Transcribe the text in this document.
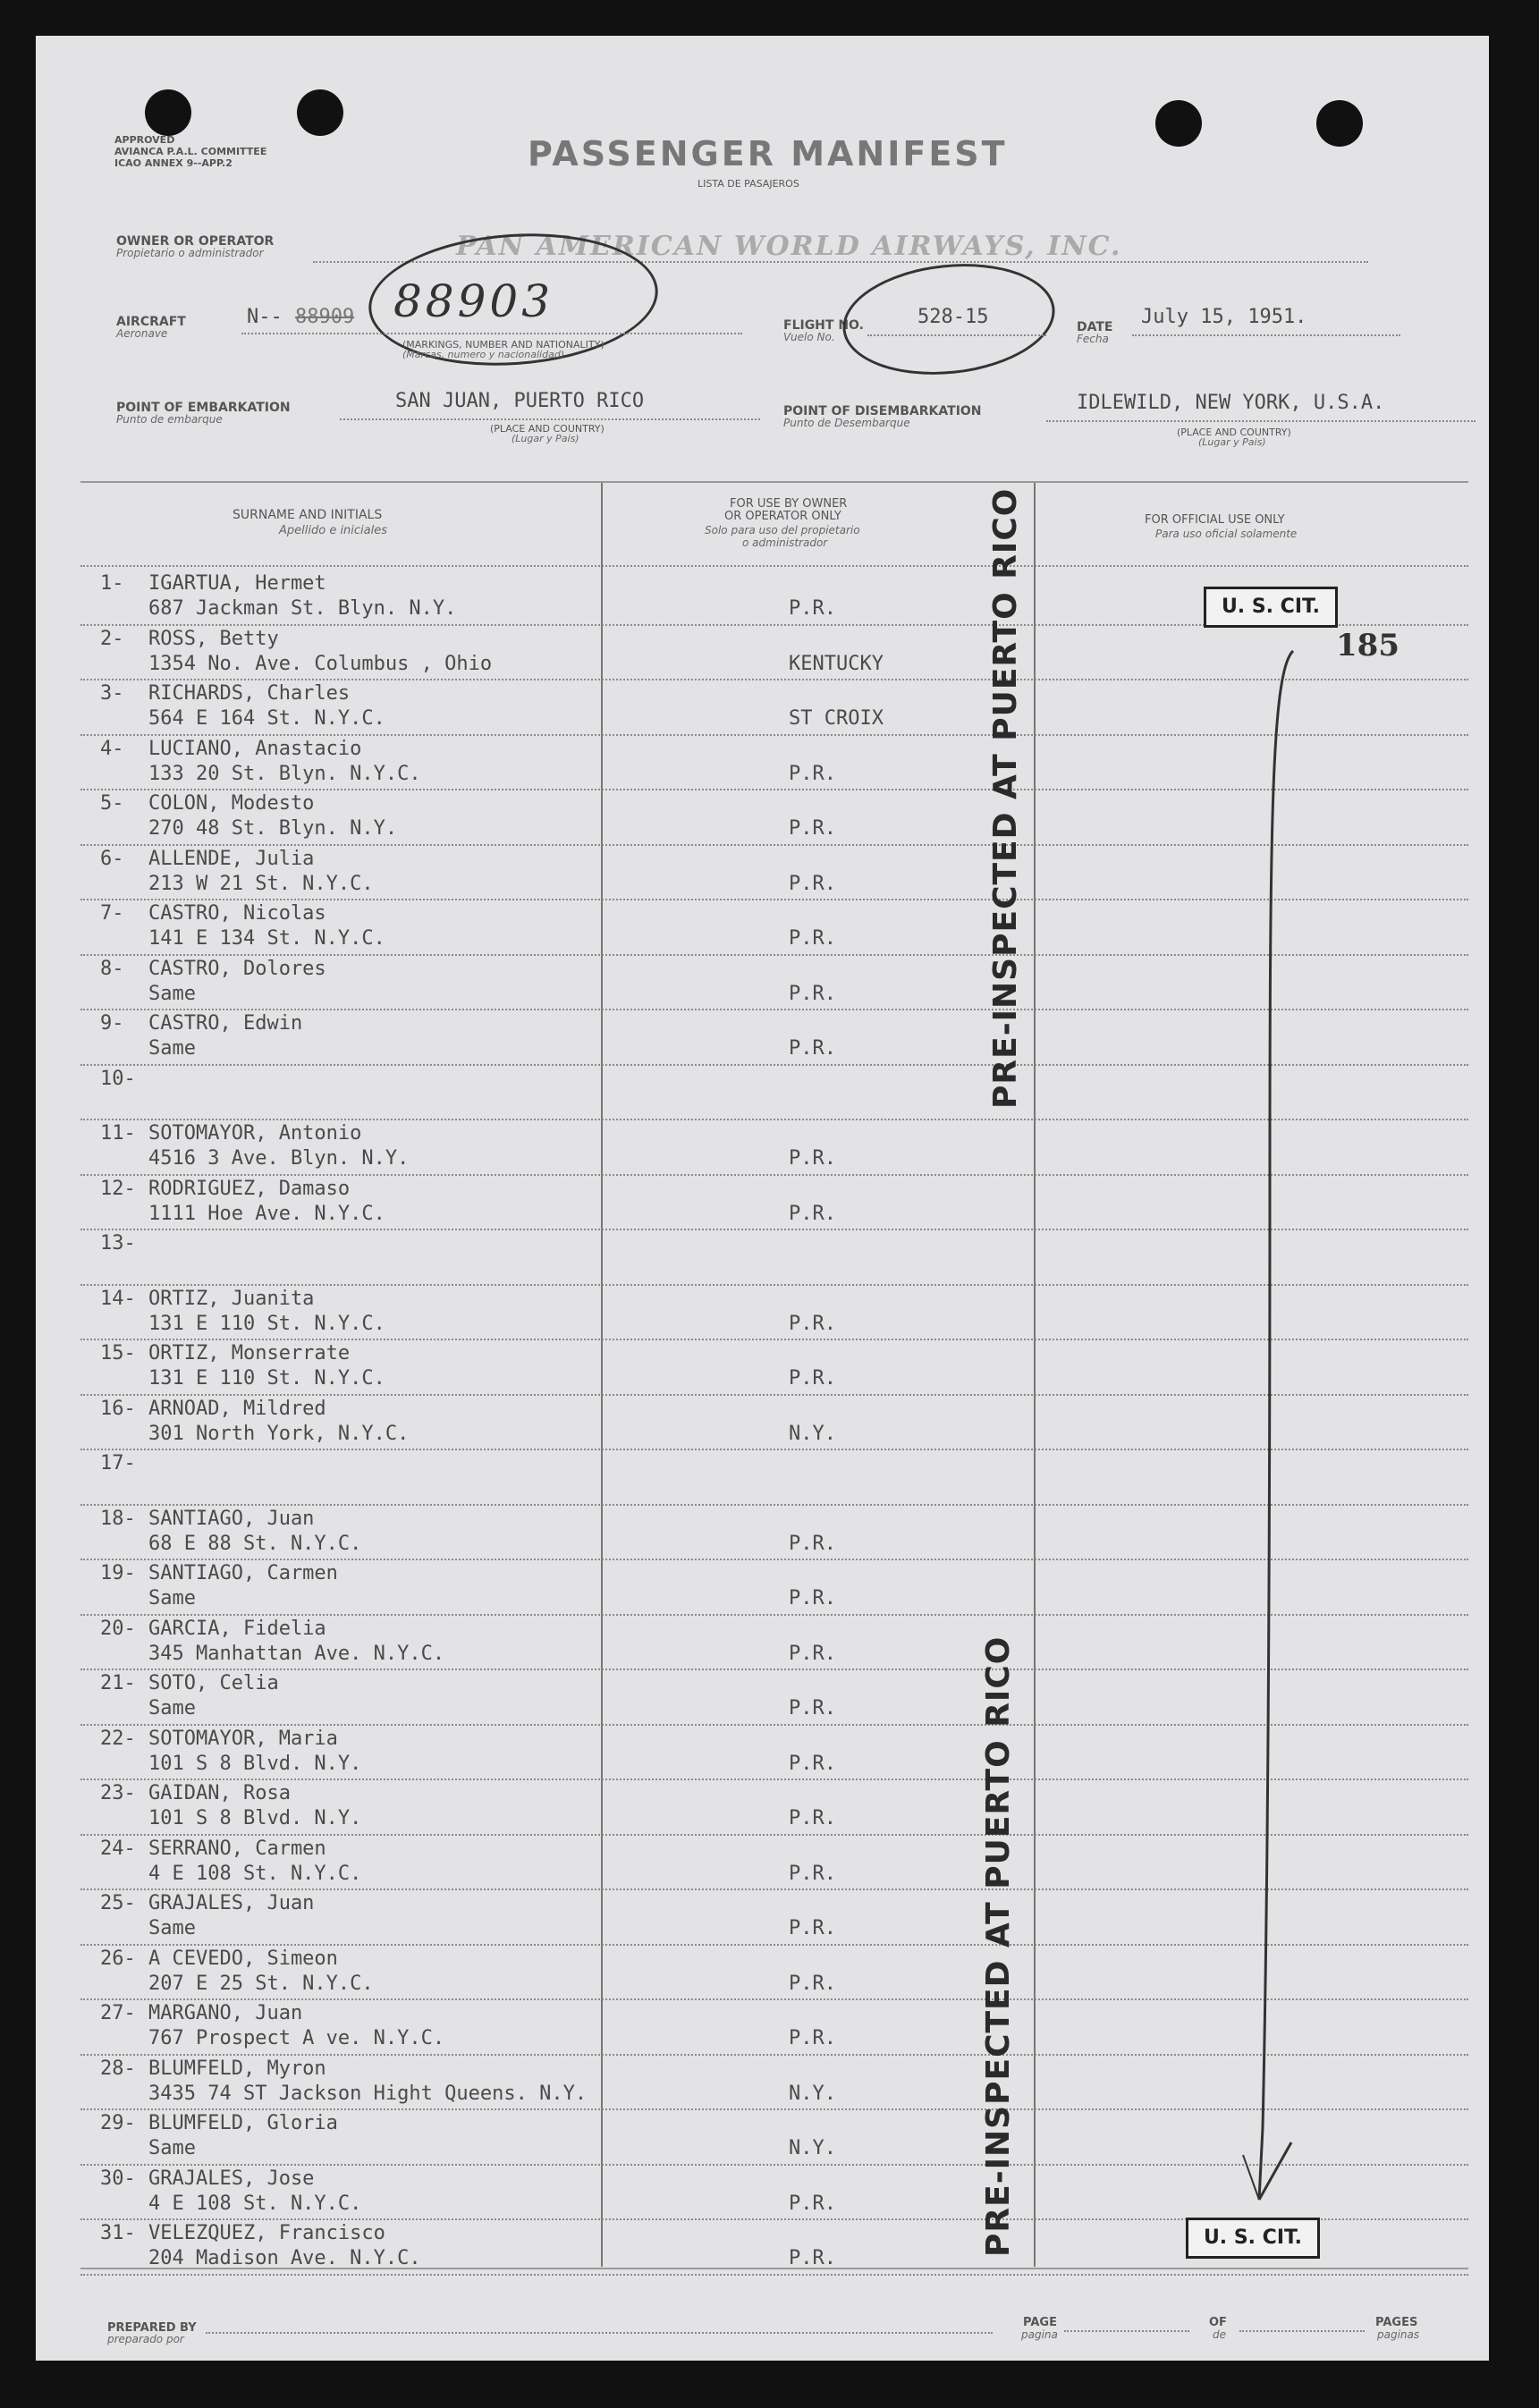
APPROVED
AVIANCA P.A.L. COMMITTEE
ICAO ANNEX 9--APP.2	PASSENGER MANIFEST
LISTA DE PASAJEROS
OWNER OR OPERATOR
Propietario o administrador	PAN AMERICAN WORLD AIRWAYS, INC.
AIRCRAFT
Aeronave
N-- 88909 88903
(MARKINGS, NUMBER AND NATIONALITY)
(Marcas, numero y nacionalidad)
FLIGHT NO.
Vuelo No.
528-15	DATE
Fecha
July 15, 1951.
POINT OF EMBARKATION
Punto de embarque
SAN JUAN, PUERTO RICO
(PLACE AND COUNTRY)
(Lugar y Pais)
POINT OF DISEMBARKATION
Punto de Desembarque
IDLEWILD, NEW YORK, U.S.A.
(PLACE AND COUNTRY)
(Lugar y Pais)
SURNAME AND INITIALS
Apellido e iniciales
FOR USE BY OWNER
OR OPERATOR ONLY
Solo para uso del propietario
o administrador
FOR OFFICIAL USE ONLY
Para uso oficial solamente
1- IGARTUA, Hermet
687 Jackman St. Blyn. N.Y.	P.R.
2- ROSS, Betty
1354 No. Ave. Columbus , Ohio	KENTUCKY
3- RICHARDS, Charles
564 E 164 St. N.Y.C.	ST CROIX
4- LUCIANO, Anastacio
133 20 St. Blyn. N.Y.C.	P.R.
5- COLON, Modesto
270 48 St. Blyn. N.Y.	P.R.
6- ALLENDE, Julia
213 W 21 St. N.Y.C.	P.R.
7- CASTRO, Nicolas
141 E 134 St. N.Y.C.	P.R.
8- CASTRO, Dolores
Same	P.R.
9- CASTRO, Edwin
Same	P.R.
10-
11- SOTOMAYOR, Antonio
4516 3 Ave. Blyn. N.Y.	P.R.
12- RODRIGUEZ, Damaso
1111 Hoe Ave. N.Y.C.	P.R.
13-
14- ORTIZ, Juanita
131 E 110 St. N.Y.C.	P.R.
15- ORTIZ, Monserrate
131 E 110 St. N.Y.C.	P.R.
16- ARNOAD, Mildred
301 North York, N.Y.C.	N.Y.
17-
18- SANTIAGO, Juan
68 E 88 St. N.Y.C.	P.R.
19- SANTIAGO, Carmen
Same	P.R.
20- GARCIA, Fidelia
345 Manhattan Ave. N.Y.C.	P.R.
21- SOTO, Celia
Same	P.R.
22- SOTOMAYOR, Maria
101 S 8 Blvd. N.Y.	P.R.
23- GAIDAN, Rosa
101 S 8 Blvd. N.Y.	P.R.
24- SERRANO, Carmen
4 E 108 St. N.Y.C.	P.R.
25- GRAJALES, Juan
Same	P.R.
26- A CEVEDO, Simeon
207 E 25 St. N.Y.C.	P.R.
27- MARGANO, Juan
767 Prospect A ve. N.Y.C.	P.R.
28- BLUMFELD, Myron
3435 74 ST Jackson Hight Queens. N.Y.	N.Y.
29- BLUMFELD, Gloria
Same	N.Y.
30- GRAJALES, Jose
4 E 108 St. N.Y.C.	P.R.
31- VELEZQUEZ, Francisco
204 Madison Ave. N.Y.C.	P.R.
PRE-INSPECTED AT PUERTO RICO
PRE-INSPECTED AT PUERTO RICO
U. S. CIT.
185
U. S. CIT.
PREPARED BY
preparado por
PAGE
pagina
OF
de
PAGES
paginas
